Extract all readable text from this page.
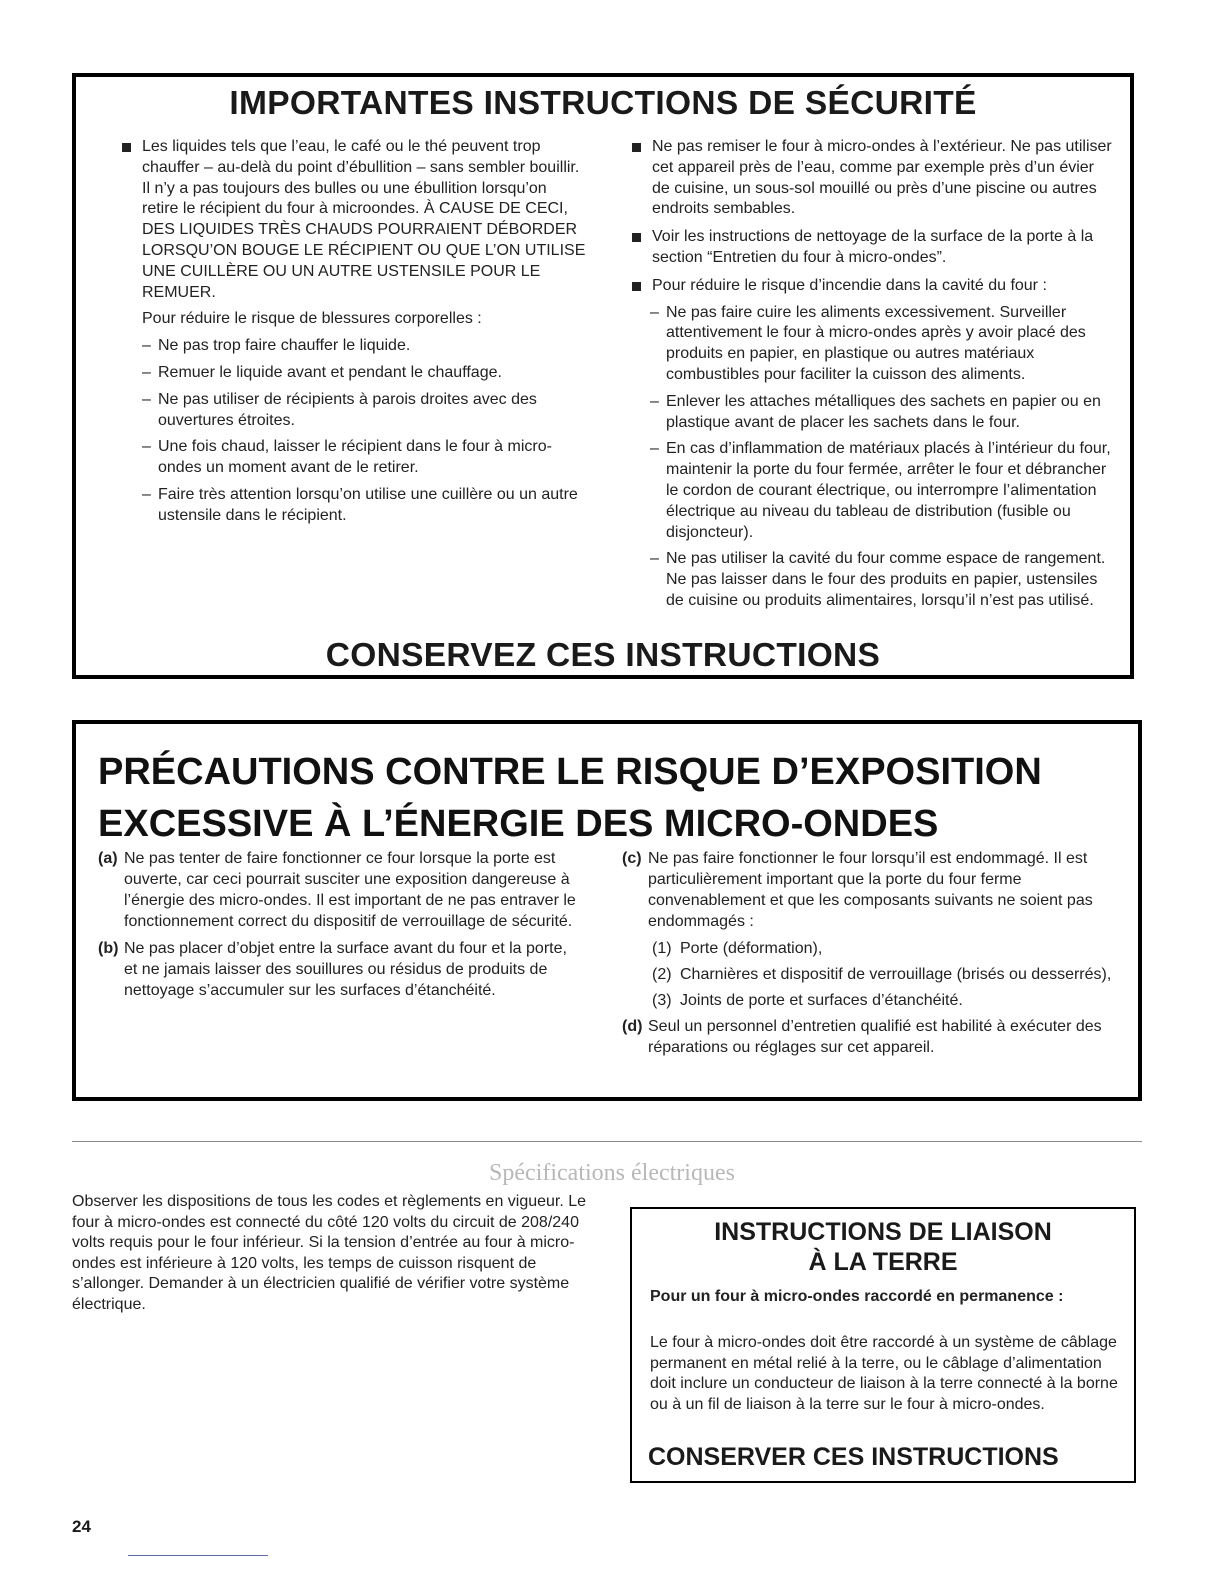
IMPORTANTES INSTRUCTIONS DE SÉCURITÉ
Les liquides tels que l’eau, le café ou le thé peuvent trop chauffer – au-delà du point d’ébullition – sans sembler bouillir. Il n’y a pas toujours des bulles ou une ébullition lorsqu’on retire le récipient du four à microondes. À CAUSE DE CECI, DES LIQUIDES TRÈS CHAUDS POURRAIENT DÉBORDER LORSQU’ON BOUGE LE RÉCIPIENT OU QUE L’ON UTILISE UNE CUILLÈRE OU UN AUTRE USTENSILE POUR LE REMUER.
Pour réduire le risque de blessures corporelles :
– Ne pas trop faire chauffer le liquide.
– Remuer le liquide avant et pendant le chauffage.
– Ne pas utiliser de récipients à parois droites avec des ouvertures étroites.
– Une fois chaud, laisser le récipient dans le four à micro-ondes un moment avant de le retirer.
– Faire très attention lorsqu’on utilise une cuillère ou un autre ustensile dans le récipient.
Ne pas remiser le four à micro-ondes à l’extérieur. Ne pas utiliser cet appareil près de l’eau, comme par exemple près d’un évier de cuisine, un sous-sol mouillé ou près d’une piscine ou autres endroits sembables.
Voir les instructions de nettoyage de la surface de la porte à la section “Entretien du four à micro-ondes”.
Pour réduire le risque d’incendie dans la cavité du four :
– Ne pas faire cuire les aliments excessivement. Surveiller attentivement le four à micro-ondes après y avoir placé des produits en papier, en plastique ou autres matériaux combustibles pour faciliter la cuisson des aliments.
– Enlever les attaches métalliques des sachets en papier ou en plastique avant de placer les sachets dans le four.
– En cas d’inflammation de matériaux placés à l’intérieur du four, maintenir la porte du four fermée, arrêter le four et débrancher le cordon de courant électrique, ou interrompre l’alimentation électrique au niveau du tableau de distribution (fusible ou disjoncteur).
– Ne pas utiliser la cavité du four comme espace de rangement. Ne pas laisser dans le four des produits en papier, ustensiles de cuisine ou produits alimentaires, lorsqu’il n’est pas utilisé.
CONSERVEZ CES INSTRUCTIONS
PRÉCAUTIONS CONTRE LE RISQUE D’EXPOSITION
EXCESSIVE À L’ÉNERGIE DES MICRO-ONDES
(a) Ne pas tenter de faire fonctionner ce four lorsque la porte est ouverte, car ceci pourrait susciter une exposition dangereuse à l’énergie des micro-ondes. Il est important de ne pas entraver le fonctionnement correct du dispositif de verrouillage de sécurité.
(b) Ne pas placer d’objet entre la surface avant du four et la porte, et ne jamais laisser des souillures ou résidus de produits de nettoyage s’accumuler sur les surfaces d’étanchéité.
(c) Ne pas faire fonctionner le four lorsqu’il est endommagé. Il est particulièrement important que la porte du four ferme convenablement et que les composants suivants ne soient pas endommagés :
(1) Porte (déformation),
(2) Charnières et dispositif de verrouillage (brisés ou desserrés),
(3) Joints de porte et surfaces d’étanchéité.
(d) Seul un personnel d’entretien qualifié est habilité à exécuter des réparations ou réglages sur cet appareil.
Spécifications électriques
Observer les dispositions de tous les codes et règlements en vigueur. Le four à micro-ondes est connecté du côté 120 volts du circuit de 208/240 volts requis pour le four inférieur. Si la tension d’entrée au four à micro-ondes est inférieure à 120 volts, les temps de cuisson risquent de s’allonger. Demander à un électricien qualifié de vérifier votre système électrique.
INSTRUCTIONS DE LIAISON
À LA TERRE
Pour un four à micro-ondes raccordé en permanence :
Le four à micro-ondes doit être raccordé à un système de câblage permanent en métal relié à la terre, ou le câblage d’alimentation doit inclure un conducteur de liaison à la terre connecté à la borne ou à un fil de liaison à la terre sur le four à micro-ondes.
CONSERVER CES INSTRUCTIONS
24
